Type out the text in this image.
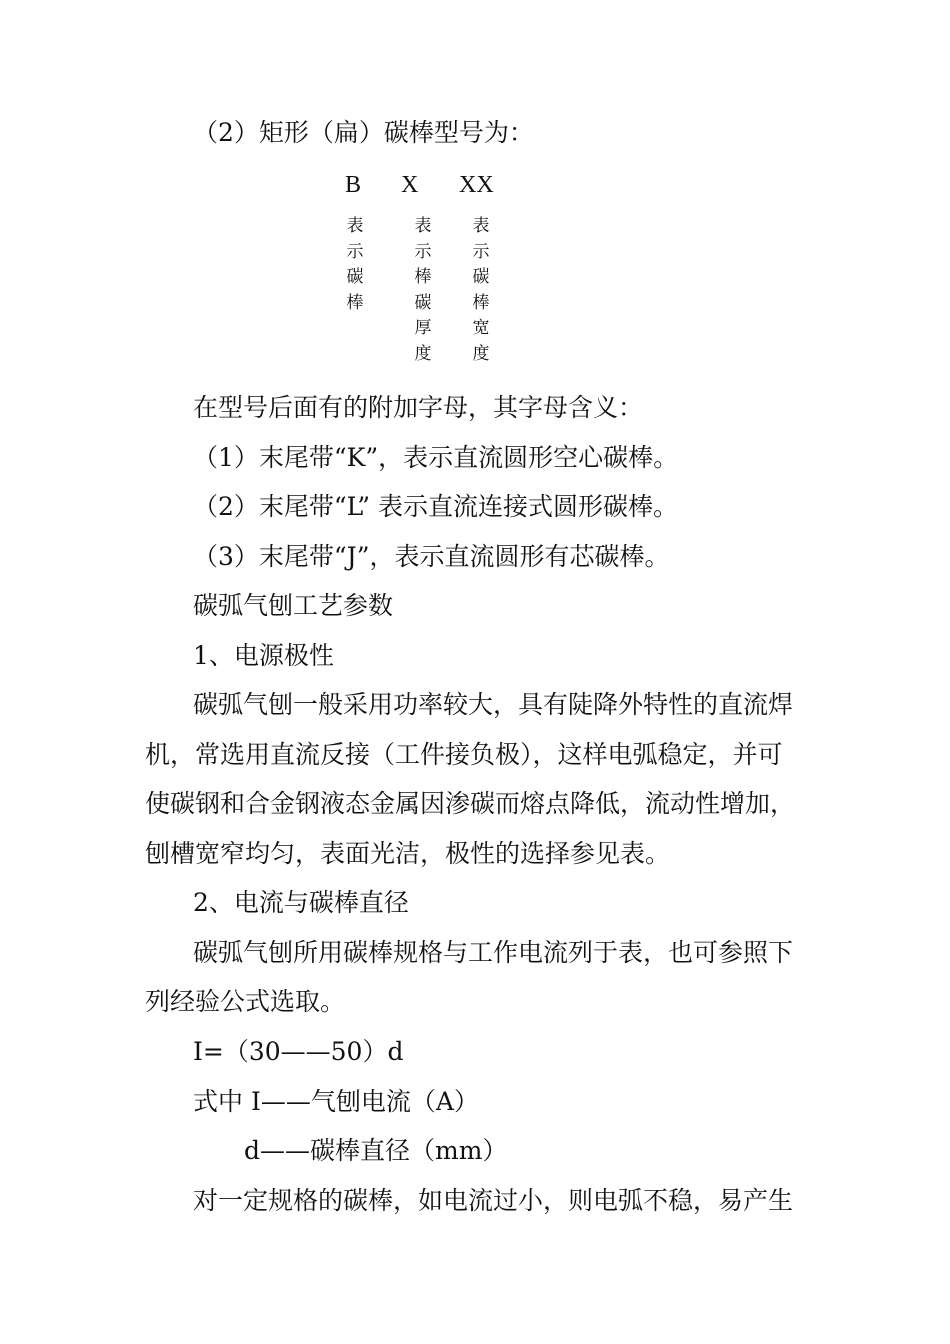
（2）矩形（扁）碳棒型号为：
B X XX
表
示
碳
棒
表
示
棒
碳
厚
度
表
示
碳
棒
宽
度
在型号后面有的附加字母，其字母含义：
（1）末尾带“K”，表示直流圆形空心碳棒。
（2）末尾带“L” 表示直流连接式圆形碳棒。
（3）末尾带“J”，表示直流圆形有芯碳棒。
碳弧气刨工艺参数
1、电源极性
碳弧气刨一般采用功率较大，具有陡降外特性的直流焊
机，常选用直流反接（工件接负极），这样电弧稳定，并可
使碳钢和合金钢液态金属因渗碳而熔点降低，流动性增加，
刨槽宽窄均匀，表面光洁，极性的选择参见表。
2、电流与碳棒直径
碳弧气刨所用碳棒规格与工作电流列于表，也可参照下
列经验公式选取。
I=（30——50）d
式中 I——气刨电流（A）
d——碳棒直径（mm）
对一定规格的碳棒，如电流过小，则电弧不稳，易产生
